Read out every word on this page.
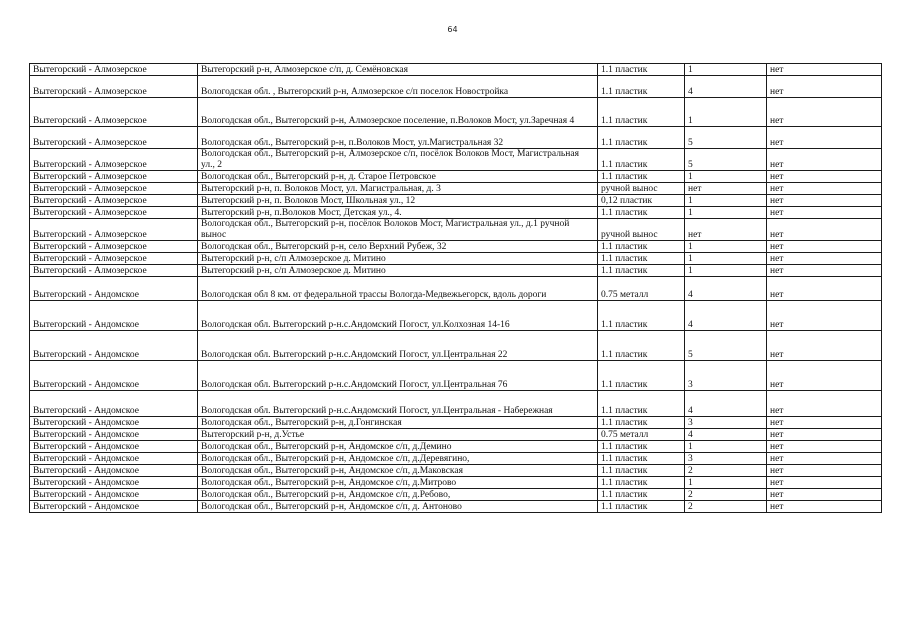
64
Вытегорский - Алмозерское	Вытегорский р-н, Алмозерское с/п, д. Семёновская	1.1 пластик	1	нет
Вытегорский - Алмозерское	Вологодская обл. , Вытегорский р-н, Алмозерское с/п поселок Новостройка	1.1 пластик	4	нет
Вытегорский - Алмозерское	Вологодская обл., Вытегорский р-н, Алмозерское поселение, п.Волоков Мост, ул.Заречная 4	1.1 пластик	1	нет
Вытегорский - Алмозерское	Вологодская обл., Вытегорский р-н, п.Волоков Мост, ул.Магистральная 32	1.1 пластик	5	нет
Вытегорский - Алмозерское	Вологодская обл., Вытегорский р-н, Алмозерское с/п, посёлок Волоков Мост, Магистральная ул., 2	1.1 пластик	5	нет
Вытегорский - Алмозерское	Вологодская обл., Вытегорский р-н, д. Старое Петровское	1.1 пластик	1	нет
Вытегорский - Алмозерское	Вытегорский р-н, п. Волоков Мост, ул. Магистральная, д. 3	ручной вынос	нет	нет
Вытегорский - Алмозерское	Вытегорский р-н, п. Волоков Мост, Школьная ул., 12	0,12 пластик	1	нет
Вытегорский - Алмозерское	Вытегорский р-н, п.Волоков Мост, Детская ул., 4.	1.1 пластик	1	нет
Вытегорский - Алмозерское	Вологодская обл., Вытегорский р-н, посёлок Волоков Мост, Магистральная ул., д.1 ручной вынос	ручной вынос	нет	нет
Вытегорский - Алмозерское	Вологодская обл., Вытегорский р-н, село Верхний Рубеж, 32	1.1 пластик	1	нет
Вытегорский - Алмозерское	Вытегорский р-н, с/п Алмозерское д. Митино	1.1 пластик	1	нет
Вытегорский - Алмозерское	Вытегорский р-н, с/п Алмозерское д. Митино	1.1 пластик	1	нет
Вытегорский - Андомское	Вологодская обл 8 км. от федеральной трассы Вологда-Медвежьегорск, вдоль дороги	0.75 металл	4	нет
Вытегорский - Андомское	Вологодская обл. Вытегорский р-н.с.Андомский Погост, ул.Колхозная 14-16	1.1 пластик	4	нет
Вытегорский - Андомское	Вологодская обл. Вытегорский р-н.с.Андомский Погост, ул.Центральная 22	1.1 пластик	5	нет
Вытегорский - Андомское	Вологодская обл. Вытегорский р-н.с.Андомский Погост, ул.Центральная 76	1.1 пластик	3	нет
Вытегорский - Андомское	Вологодская обл. Вытегорский р-н.с.Андомский Погост, ул.Центральная - Набережная	1.1 пластик	4	нет
Вытегорский - Андомское	Вологодская обл., Вытегорский р-н, д.Гонгинская	1.1 пластик	3	нет
Вытегорский - Андомское	Вытегорский р-н, д.Устье	0.75 металл	4	нет
Вытегорский - Андомское	Вологодская обл., Вытегорский р-н, Андомское с/п, д.Демино	1.1 пластик	1	нет
Вытегорский - Андомское	Вологодская обл., Вытегорский р-н, Андомское с/п, д.Деревягино,	1.1 пластик	3	нет
Вытегорский - Андомское	Вологодская обл., Вытегорский р-н, Андомское с/п, д.Маковская	1.1 пластик	2	нет
Вытегорский - Андомское	Вологодская обл., Вытегорский р-н, Андомское с/п, д.Митрово	1.1 пластик	1	нет
Вытегорский - Андомское	Вологодская обл., Вытегорский р-н, Андомское с/п, д.Ребово,	1.1 пластик	2	нет
Вытегорский - Андомское	Вологодская обл., Вытегорский р-н, Андомское с/п, д. Антоново	1.1 пластик	2	нет
